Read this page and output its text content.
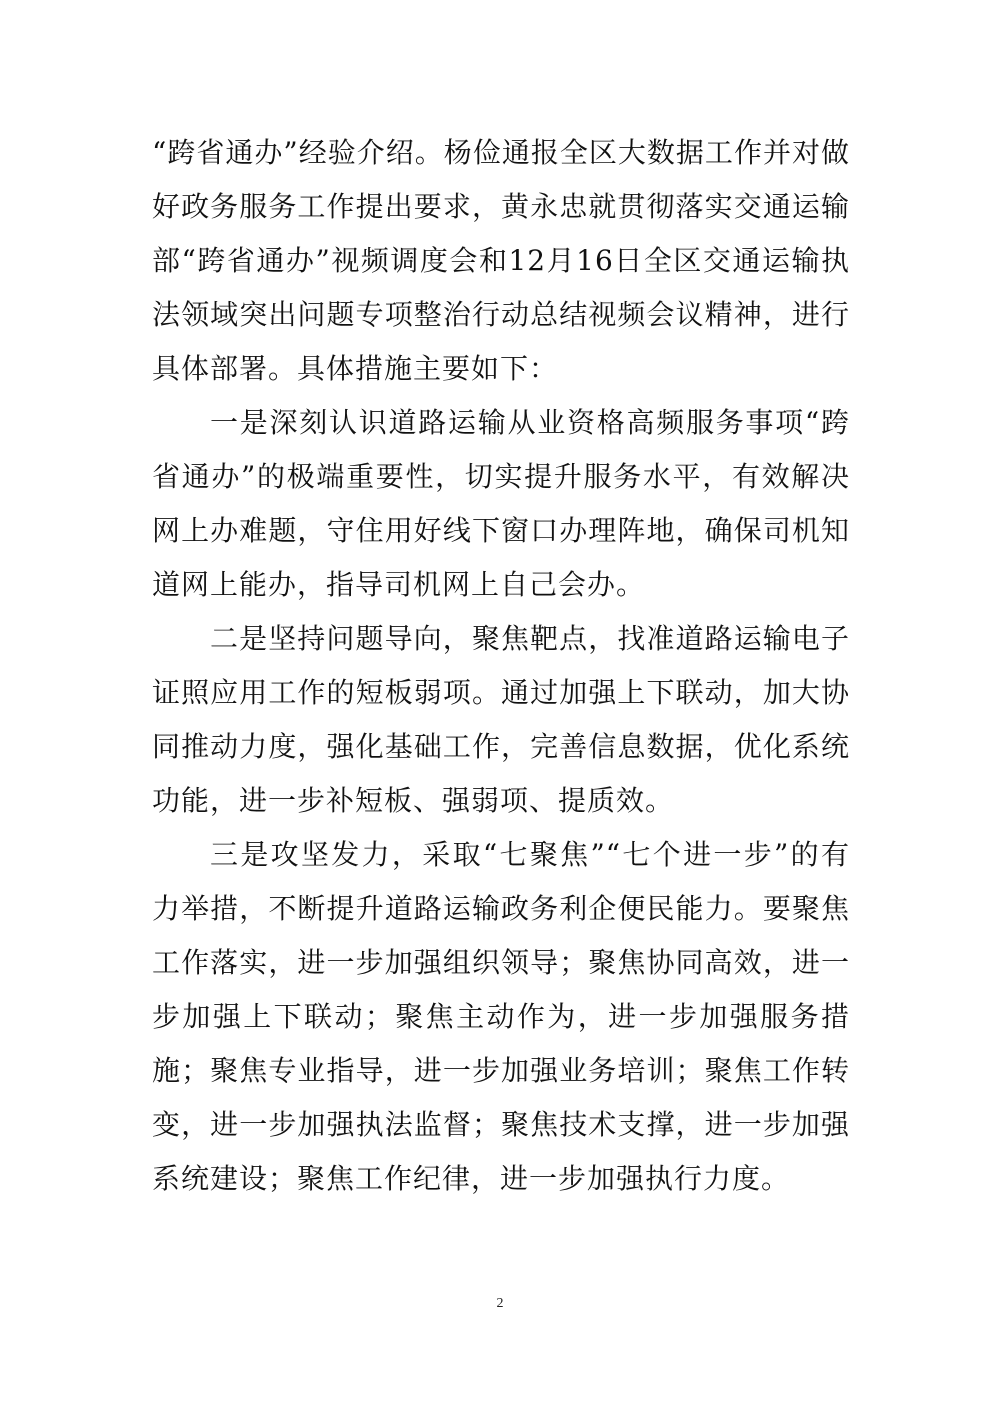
“跨省通办”经验介绍。杨俭通报全区大数据工作并对做好政务服务工作提出要求，黄永忠就贯彻落实交通运输部“跨省通办”视频调度会和12月16日全区交通运输执法领域突出问题专项整治行动总结视频会议精神，进行具体部署。具体措施主要如下：

一是深刻认识道路运输从业资格高频服务事项“跨省通办”的极端重要性，切实提升服务水平，有效解决网上办难题，守住用好线下窗口办理阵地，确保司机知道网上能办，指导司机网上自己会办。

二是坚持问题导向，聚焦靶点，找准道路运输电子证照应用工作的短板弱项。通过加强上下联动，加大协同推动力度，强化基础工作，完善信息数据，优化系统功能，进一步补短板、强弱项、提质效。

三是攻坚发力，采取“七聚焦”“七个进一步”的有力举措，不断提升道路运输政务利企便民能力。要聚焦工作落实，进一步加强组织领导；聚焦协同高效，进一步加强上下联动；聚焦主动作为，进一步加强服务措施；聚焦专业指导，进一步加强业务培训；聚焦工作转变，进一步加强执法监督；聚焦技术支撑，进一步加强系统建设；聚焦工作纪律，进一步加强执行力度。

2
